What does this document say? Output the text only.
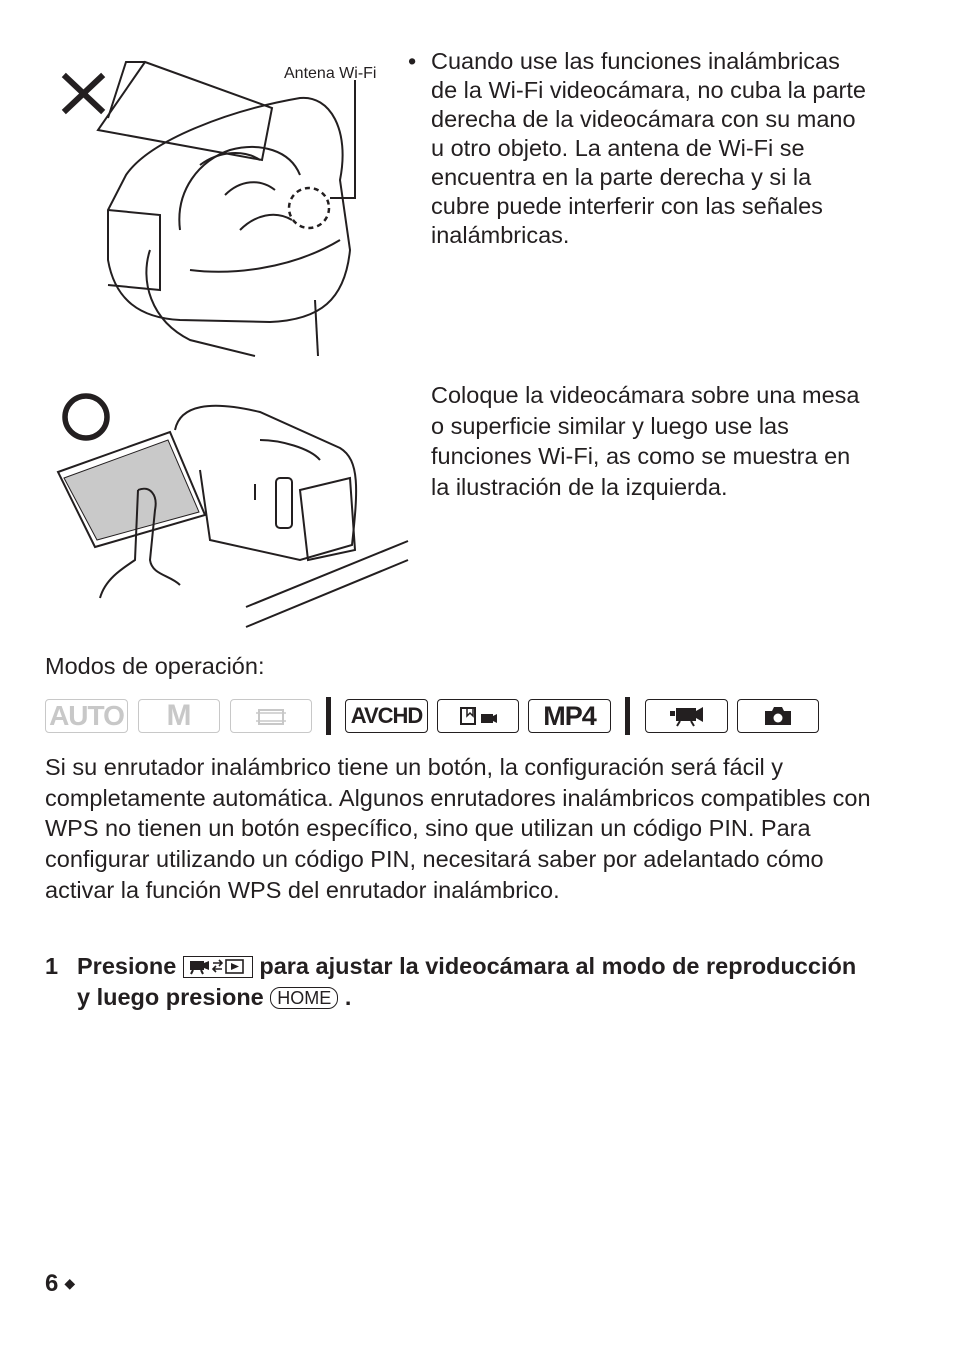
Antena Wi-Fi • Cuando use las funciones inalámbricas de la Wi-Fi videocámara, no cuba la parte derecha de la videocámara con su mano u otro objeto. La antena de Wi-Fi se encuentra en la parte derecha y si la cubre puede interferir con las señales inalámbricas.
Coloque la videocámara sobre una mesa o superficie similar y luego use las funciones Wi-Fi, as como se muestra en la ilustración de la izquierda.
Modos de operación:
AUTO	M	AVCHD	MP4
Si su enrutador inalámbrico tiene un botón, la configuración será fácil y completamente automática. Algunos enrutadores inalámbricos compatibles con WPS no tienen un botón específico, sino que utilizan un código PIN. Para configurar utilizando un código PIN, necesitará saber por adelantado cómo activar la función WPS del enrutador inalámbrico.
1 Presione	para ajustar la videocámara al modo de reproducción y luego presione HOME .
6 ◆
